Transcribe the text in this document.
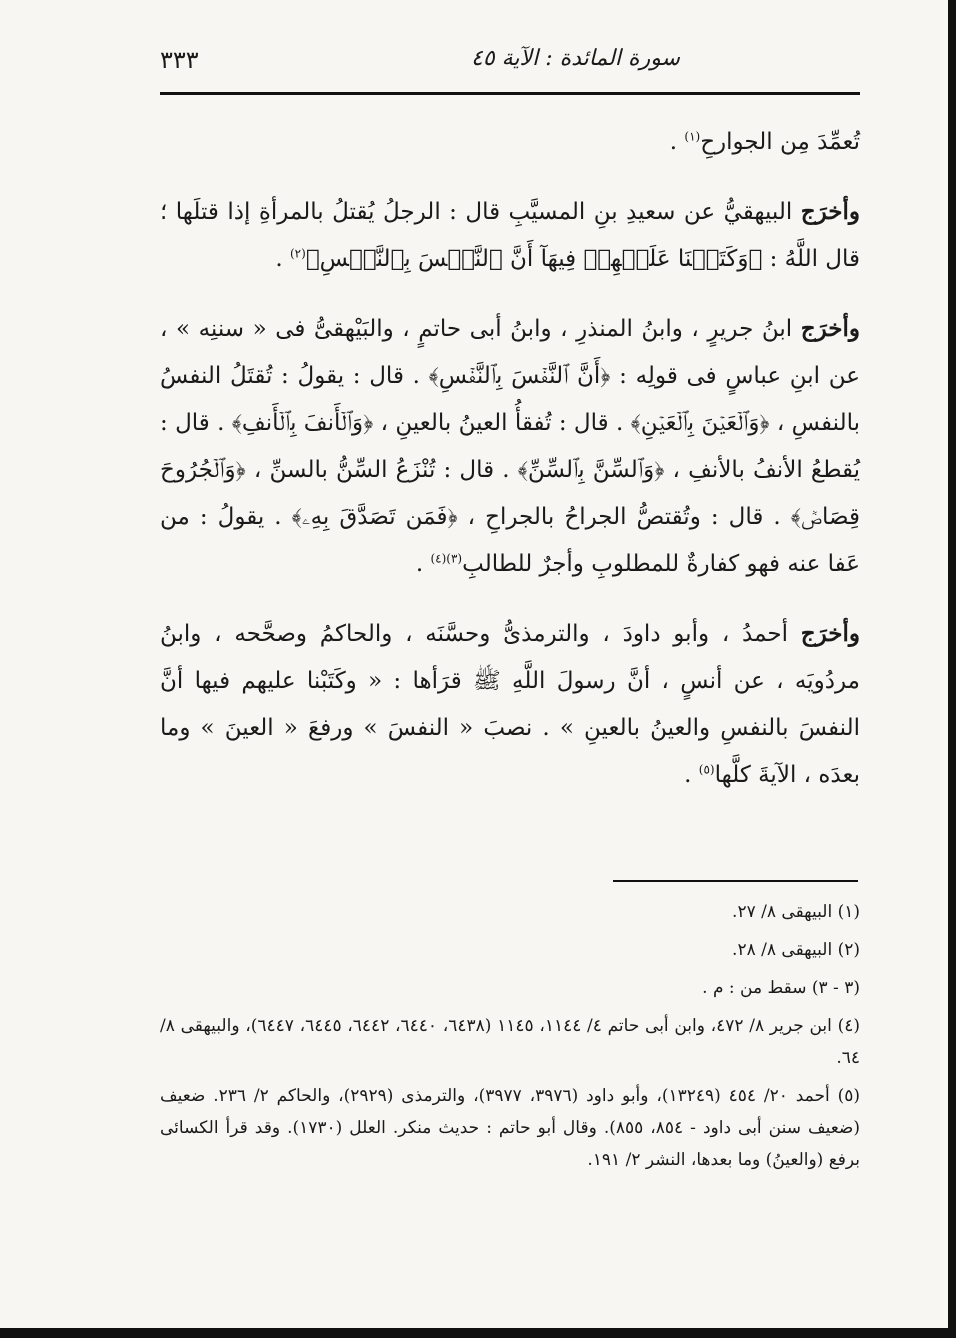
سورة المائدة : الآية ٤٥
٣٣٣

تُعمِّدَ مِن الجوارحِ$^{(١)}$ .

وأخرَج البيهقيُّ عن سعيدِ بنِ المسيَّبِ قال : الرجلُ يُقتلُ بالمرأةِ إذا قتلَها ؛ قال اللَّهُ : ﴿وَكَتَبۡنَا عَلَيۡهِمۡ فِيهَآ أَنَّ ٱلنَّفۡسَ بِٱلنَّفۡسِ﴾$^{(٢)}$ .

وأخرَج ابنُ جريرٍ ، وابنُ المنذرِ ، وابنُ أبى حاتمٍ ، والبَيْهقىُّ فى « سننِه » ، عن ابنِ عباسٍ فى قولِه : ﴿أَنَّ ٱلنَّفۡسَ بِٱلنَّفۡسِ﴾ . قال : يقولُ : تُقتَلُ النفسُ بالنفسِ ، ﴿وَٱلۡعَيۡنَ بِٱلۡعَيۡنِ﴾ . قال : تُفقأُ العينُ بالعينِ ، ﴿وَٱلۡأَنفَ بِٱلۡأَنفِ﴾ . قال : يُقطعُ الأنفُ بالأنفِ ، ﴿وَٱلسِّنَّ بِٱلسِّنِّ﴾ . قال : تُنْزَعُ السِّنُّ بالسنِّ ، ﴿وَٱلۡجُرُوحَ قِصَاصٞ﴾ . قال : وتُقتصُّ الجراحُ بالجراحِ ، ﴿فَمَن تَصَدَّقَ بِهِۦ﴾ . يقولُ : من عَفا عنه فهو كفارةٌ للمطلوبِ وأجرٌ للطالبِ$^{(٣)(٤)}$ .

وأخرَج أحمدُ ، وأبو داودَ ، والترمذىُّ وحسَّنَه ، والحاكمُ وصحَّحه ، وابنُ مردُويَه ، عن أنسٍ ، أنَّ رسولَ اللَّهِ ﷺ قرَأها : « وكَتَبْنا عليهم فيها أنَّ النفسَ بالنفسِ والعينُ بالعينِ » . نصبَ « النفسَ » ورفعَ « العينَ » وما بعدَه ، الآيةَ كلَّها$^{(٥)}$ .

(١) البيهقى ٨/ ٢٧.

(٢) البيهقى ٨/ ٢٨.

(٣ - ٣) سقط من : م .

(٤) ابن جرير ٨/ ٤٧٢، وابن أبى حاتم ٤/ ١١٤٤، ١١٤٥ (٦٤٣٨، ٦٤٤٠، ٦٤٤٢، ٦٤٤٥، ٦٤٤٧)، والبيهقى ٨/ ٦٤.

(٥) أحمد ٢٠/ ٤٥٤ (١٣٢٤٩)، وأبو داود (٣٩٧٦، ٣٩٧٧)، والترمذى (٢٩٢٩)، والحاكم ٢/ ٢٣٦. ضعيف (ضعيف سنن أبى داود - ٨٥٤، ٨٥٥). وقال أبو حاتم : حديث منكر. العلل (١٧٣٠). وقد قرأ الكسائى برفع (والعينُ) وما بعدها، النشر ٢/ ١٩١.
